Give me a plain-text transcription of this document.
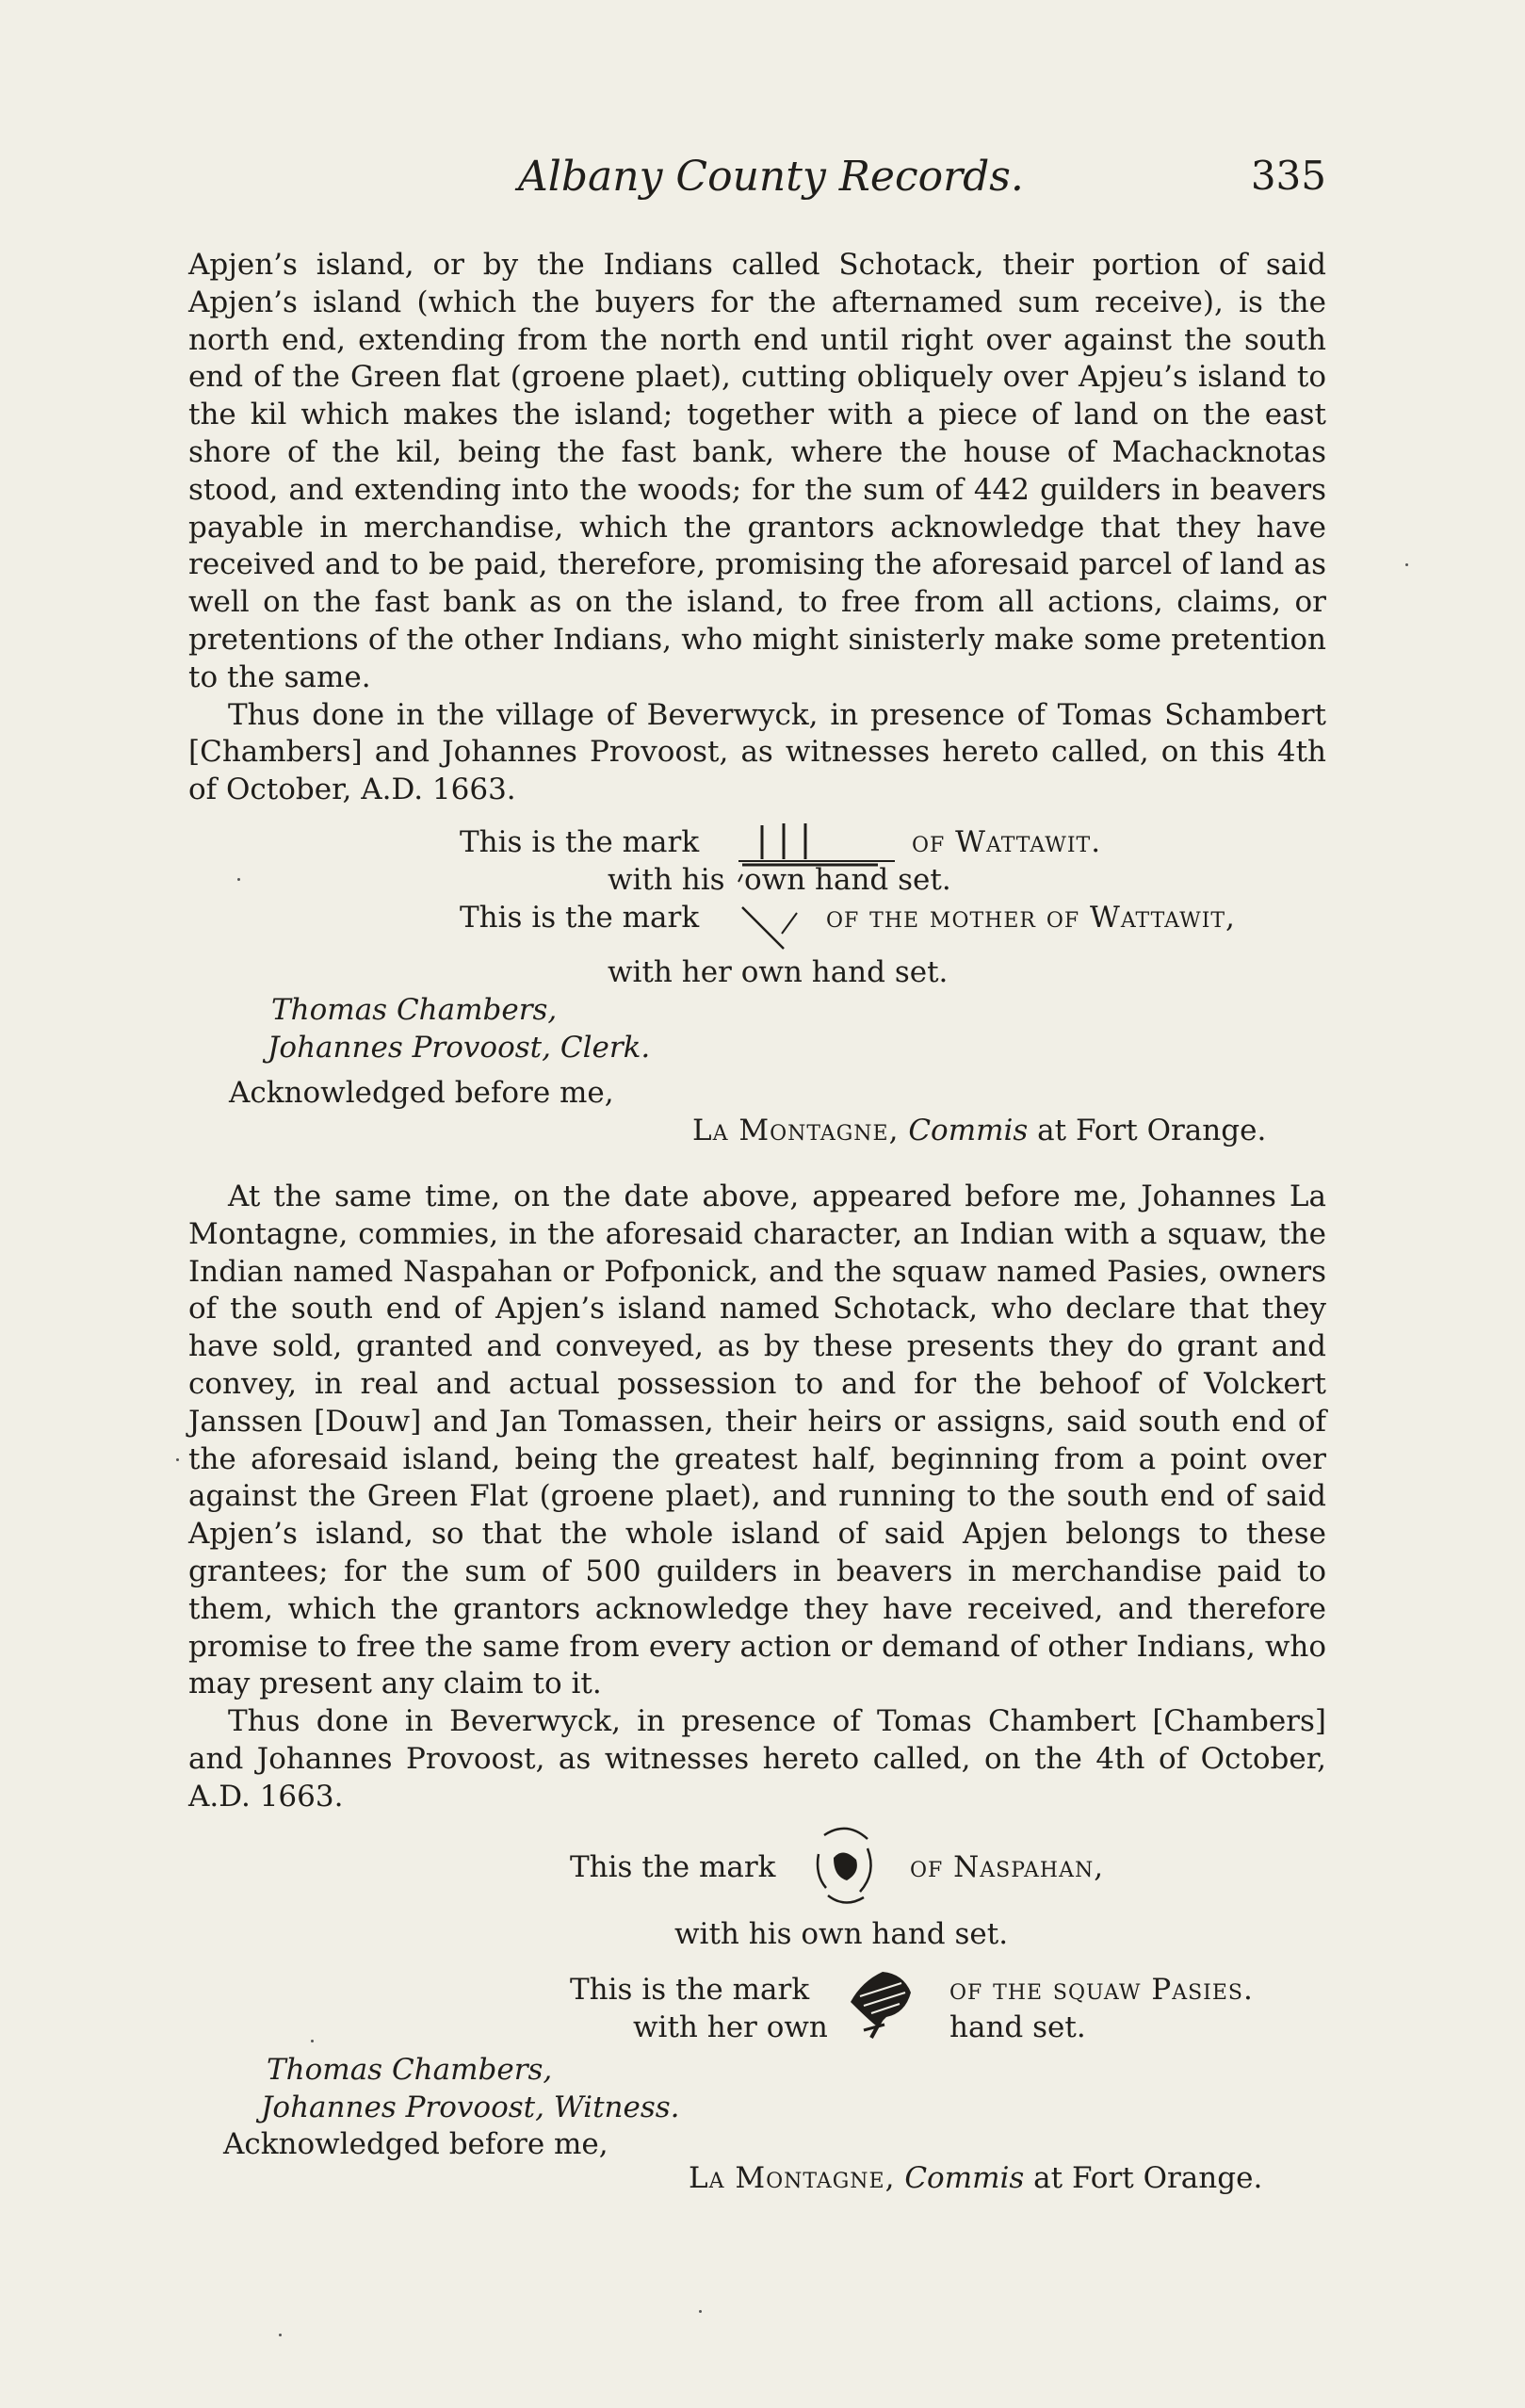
Albany County Records.	335

Apjen’s island, or by the Indians called Schotack, their portion of said Apjen’s island (which the buyers for the afternamed sum receive), is the north end, extending from the north end until right over against the south end of the Green flat (groene plaet), cutting obliquely over Apjeu’s island to the kil which makes the island; together with a piece of land on the east shore of the kil, being the fast bank, where the house of Machacknotas stood, and extending into the woods; for the sum of 442 guilders in beavers payable in merchandise, which the grantors acknowledge that they have received and to be paid, therefore, promising the aforesaid parcel of land as well on the fast bank as on the island, to free from all actions, claims, or pretentions of the other Indians, who might sinisterly make some pretention to the same.

Thus done in the village of Beverwyck, in presence of Tomas Schambert [Chambers] and Johannes Provoost, as witnesses hereto called, on this 4th of October, A.D. 1663.

This is the mark	of Wattawit.
with his own hand set.
This is the mark	of the mother of Wattawit,
with her own hand set.
Thomas Chambers,
Johannes Provoost, Clerk.
Acknowledged before me,
La Montagne, Commis at Fort Orange.

At the same time, on the date above, appeared before me, Johannes La Montagne, commies, in the aforesaid character, an Indian with a squaw, the Indian named Naspahan or Pofponick, and the squaw named Pasies, owners of the south end of Apjen’s island named Schotack, who declare that they have sold, granted and conveyed, as by these presents they do grant and convey, in real and actual possession to and for the behoof of Volckert Janssen [Douw] and Jan Tomassen, their heirs or assigns, said south end of the aforesaid island, being the greatest half, beginning from a point over against the Green Flat (groene plaet), and running to the south end of said Apjen’s island, so that the whole island of said Apjen belongs to these grantees; for the sum of 500 guilders in beavers in merchandise paid to them, which the grantors acknowledge they have received, and therefore promise to free the same from every action or demand of other Indians, who may present any claim to it.

Thus done in Beverwyck, in presence of Tomas Chambert [Chambers] and Johannes Provoost, as witnesses hereto called, on the 4th of October, A.D. 1663.

This the mark	of Naspahan,
with his own hand set.
This is the mark	of the squaw Pasies.
with her own	hand set.
Thomas Chambers,
Johannes Provoost, Witness.
Acknowledged before me,
La Montagne, Commis at Fort Orange.
